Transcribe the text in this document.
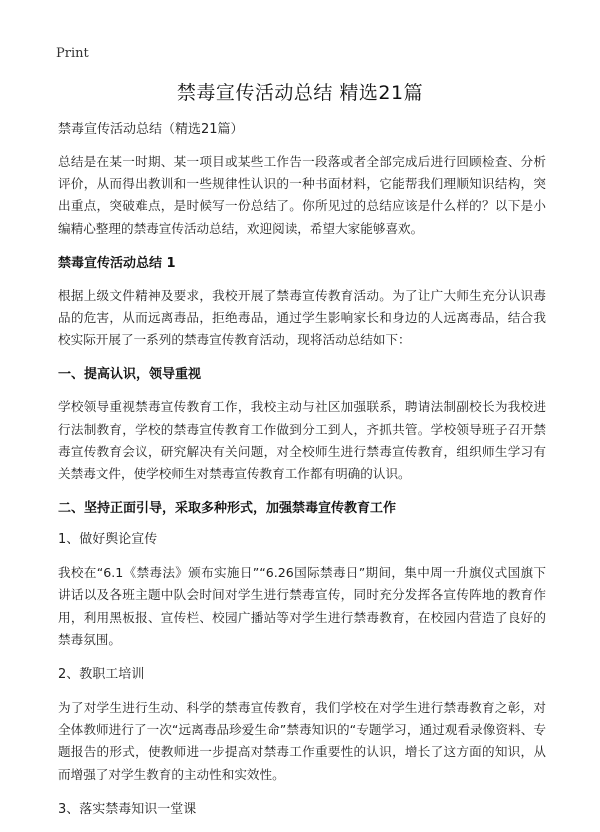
Print
禁毒宣传活动总结 精选21篇
禁毒宣传活动总结（精选21篇）

总结是在某一时期、某一项目或某些工作告一段落或者全部完成后进行回顾检查、分析评价，从而得出教训和一些规律性认识的一种书面材料，它能帮我们理顺知识结构，突出重点，突破难点，是时候写一份总结了。你所见过的总结应该是什么样的？以下是小编精心整理的禁毒宣传活动总结，欢迎阅读，希望大家能够喜欢。

禁毒宣传活动总结 1

根据上级文件精神及要求，我校开展了禁毒宣传教育活动。为了让广大师生充分认识毒品的危害，从而远离毒品，拒绝毒品，通过学生影响家长和身边的人远离毒品，结合我校实际开展了一系列的禁毒宣传教育活动，现将活动总结如下：

一、提高认识，领导重视

学校领导重视禁毒宣传教育工作，我校主动与社区加强联系，聘请法制副校长为我校进行法制教育，学校的禁毒宣传教育工作做到分工到人，齐抓共管。学校领导班子召开禁毒宣传教育会议，研究解决有关问题，对全校师生进行禁毒宣传教育，组织师生学习有关禁毒文件，使学校师生对禁毒宣传教育工作都有明确的认识。

二、坚持正面引导，采取多种形式，加强禁毒宣传教育工作
1、做好舆论宣传

我校在“6.1《禁毒法》颁布实施日”“6.26国际禁毒日”期间，集中周一升旗仪式国旗下讲话以及各班主题中队会时间对学生进行禁毒宣传，同时充分发挥各宣传阵地的教育作用，利用黑板报、宣传栏、校园广播站等对学生进行禁毒教育，在校园内营造了良好的禁毒氛围。

2、教职工培训

为了对学生进行生动、科学的禁毒宣传教育，我们学校在对学生进行禁毒教育之彰，对全体教师进行了一次“远离毒品珍爱生命”禁毒知识的“专题学习，通过观看录像资料、专题报告的形式，使教师进一步提高对禁毒工作重要性的认识，增长了这方面的知识，从而增强了对学生教育的主动性和实效性。

3、落实禁毒知识一堂课
